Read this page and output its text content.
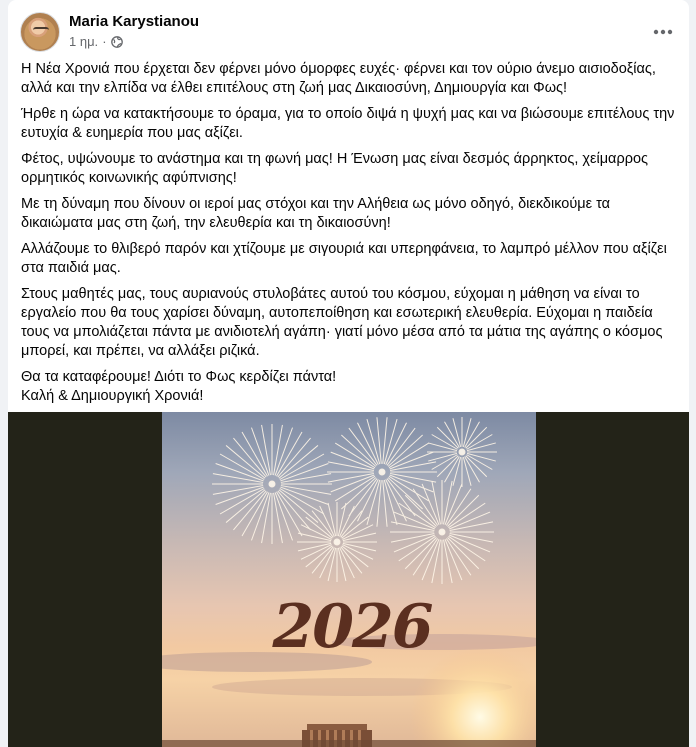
Maria Karystianou
1 ημ. ·

Η Νέα Χρονιά που έρχεται δεν φέρνει μόνο όμορφες ευχές· φέρνει και τον ούριο άνεμο αισιοδοξίας, αλλά και την ελπίδα να έλθει επιτέλους στη ζωή μας Δικαιοσύνη, Δημιουργία και Φως!

Ήρθε η ώρα να κατακτήσουμε το όραμα, για το οποίο διψά η ψυχή μας και να βιώσουμε επιτέλους την ευτυχία & ευημερία που μας αξίζει.

Φέτος, υψώνουμε το ανάστημα και τη φωνή μας! Η Ένωση μας είναι δεσμός άρρηκτος, χείμαρρος ορμητικός κοινωνικής αφύπνισης!

Με τη δύναμη που δίνουν οι ιεροί μας στόχοι και την Αλήθεια ως μόνο οδηγό, διεκδικούμε τα δικαιώματα μας στη ζωή, την ελευθερία και τη δικαιοσύνη!

Αλλάζουμε το θλιβερό παρόν και χτίζουμε με σιγουριά και υπερηφάνεια, το λαμπρό μέλλον που αξίζει στα παιδιά μας.

Στους μαθητές μας, τους αυριανούς στυλοβάτες αυτού του κόσμου, εύχομαι η μάθηση να είναι το εργαλείο που θα τους χαρίσει δύναμη, αυτοπεποίθηση και εσωτερική ελευθερία. Εύχομαι η παιδεία τους να μπολιάζεται πάντα με ανιδιοτελή αγάπη· γιατί μόνο μέσα από τα μάτια της αγάπης ο κόσμος μπορεί, και πρέπει, να αλλάξει ριζικά.

Θα τα καταφέρουμε! Διότι το Φως κερδίζει πάντα!
Καλή & Δημιουργική Χρονιά!
2026
